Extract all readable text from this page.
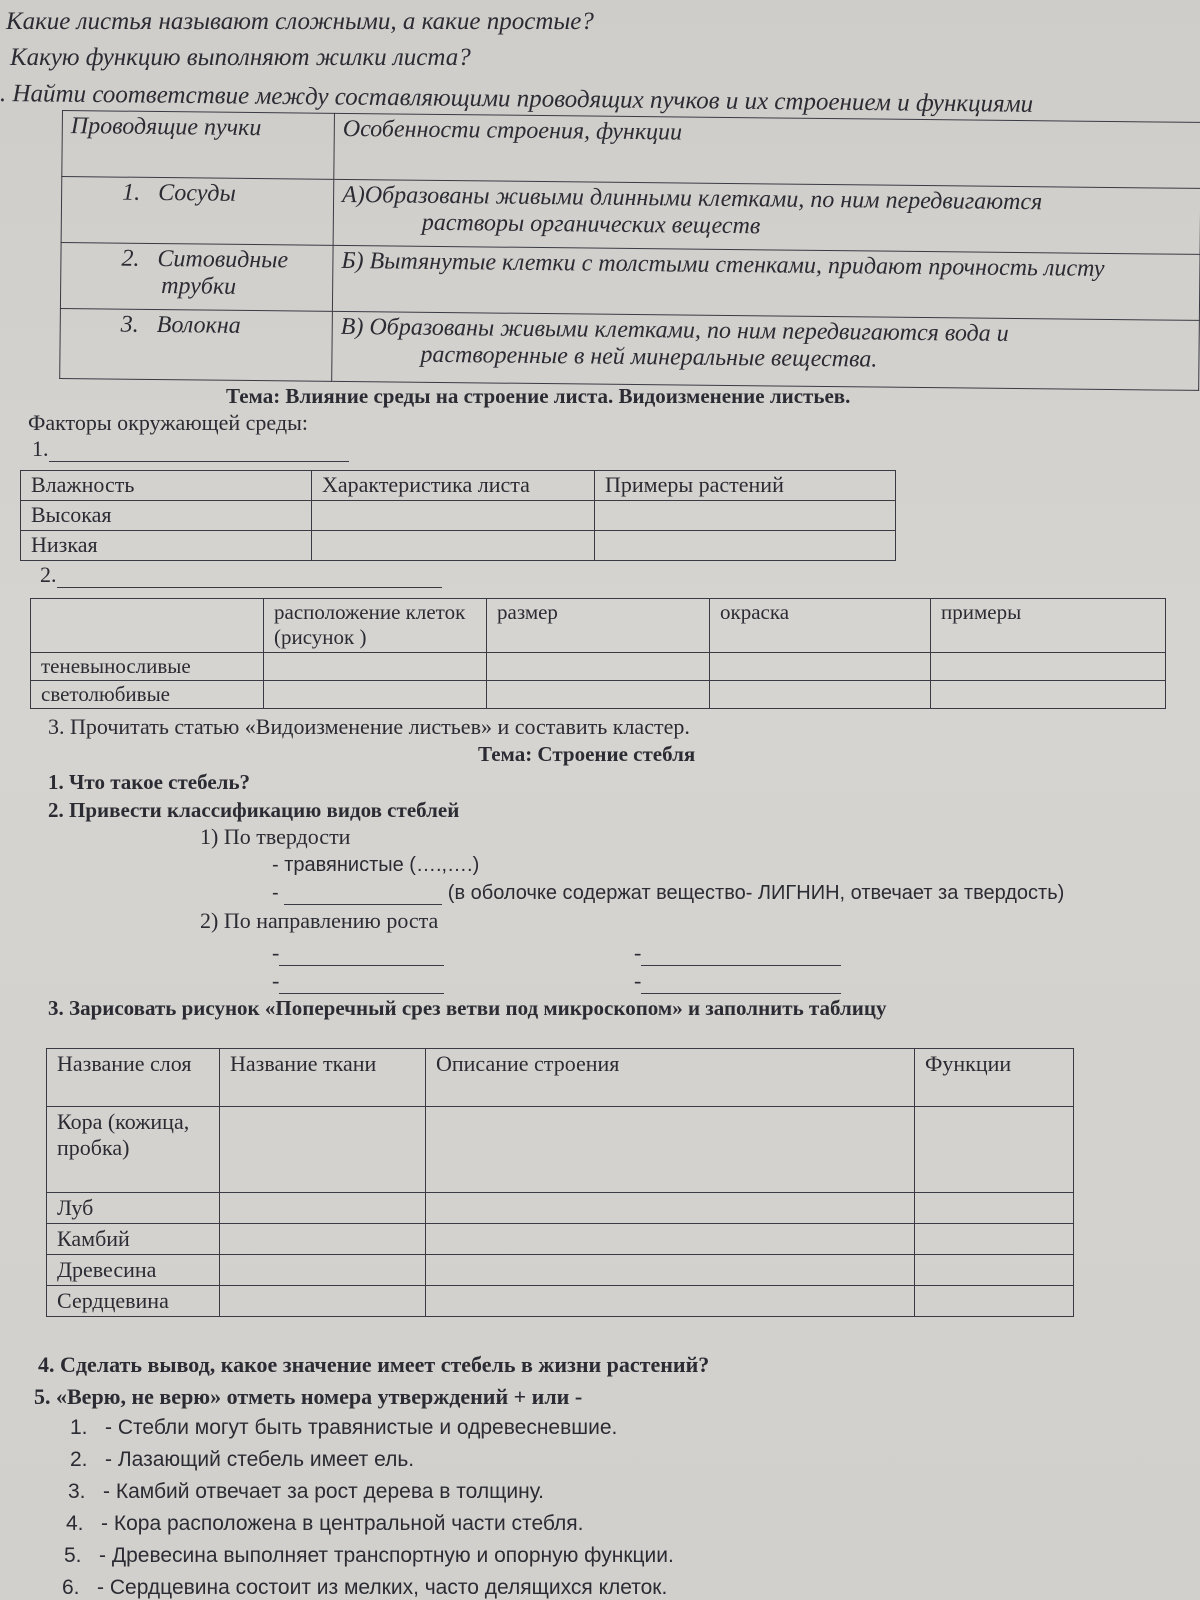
Какие листья называют сложными, а какие простые?
Какую функцию выполняют жилки листа?
. Найти соответствие между составляющими проводящих пучков и их строением и функциями
Проводящие пучки	Особенности строения, функции
1. Сосуды	А)Образованы живыми длинными клетками, по ним передвигаются
растворы органических веществ

2. Ситовидные
трубки	Б) Вытянутые клетки с толстыми стенками, придают прочность листу

3. Волокна	В) Образованы живыми клетками, по ним передвигаются вода и
растворенные в ней минеральные вещества.
Тема: Влияние среды на строение листа. Видоизменение листьев.
Факторы окружающей среды:
1.
Влажность	Характеристика листа	Примеры растений
Высокая		
Низкая		
2.
	расположение клеток (рисунок )	размер	окраска	примеры
теневыносливые				
светолюбивые				
3. Прочитать статью «Видоизменение листьев» и составить кластер.
Тема: Строение стебля
1. Что такое стебель?
2. Привести классификацию видов стеблей
1) По твердости
- травянистые (….,….)
-	(в оболочке содержат вещество- ЛИГНИН, отвечает за твердость)
2) По направлению роста
-	-
-	-
3. Зарисовать рисунок «Поперечный срез ветви под микроскопом» и заполнить таблицу
Название слоя	Название ткани	Описание строения	Функции
Кора (кожица, пробка)			
Луб			
Камбий			
Древесина			
Сердцевина			
4. Сделать вывод, какое значение имеет стебель в жизни растений?
5. «Верю, не верю» отметь номера утверждений + или -
1. - Стебли могут быть травянистые и одревесневшие.
2. - Лазающий стебель имеет ель.
3. - Камбий отвечает за рост дерева в толщину.
4. - Кора расположена в центральной части стебля.
5. - Древесина выполняет транспортную и опорную функции.
6. - Сердцевина состоит из мелких, часто делящихся клеток.
